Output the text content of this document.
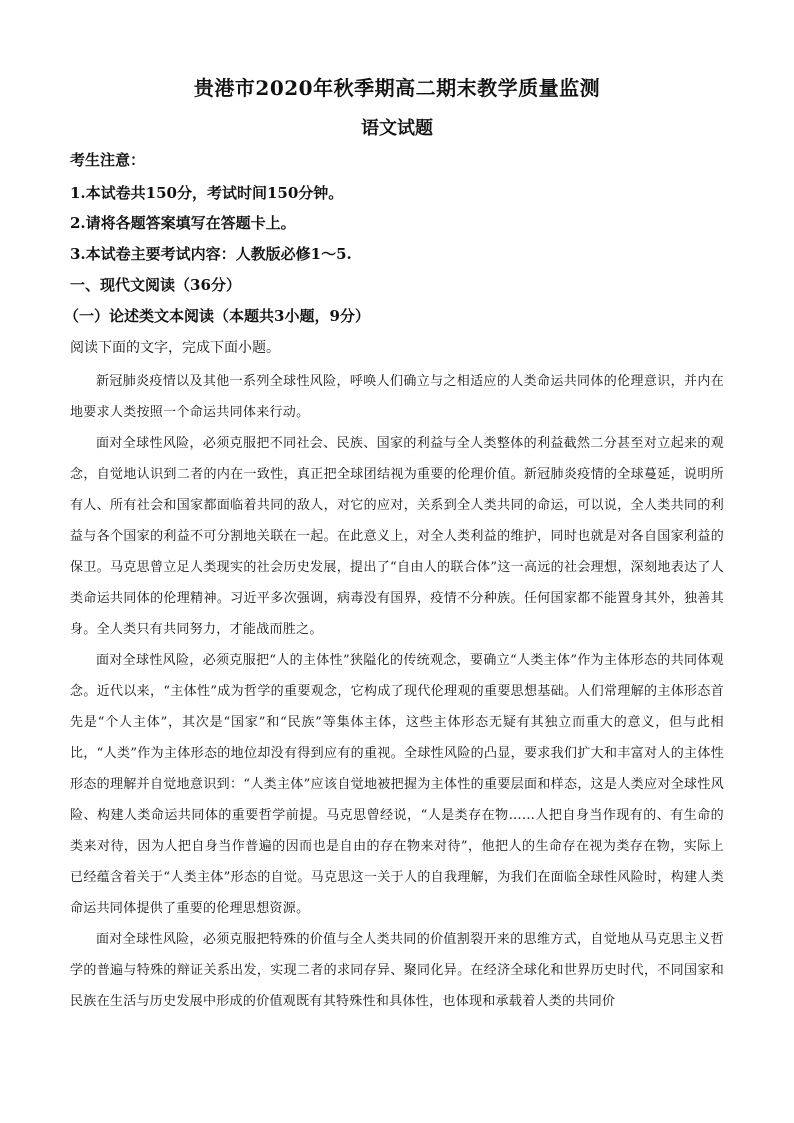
贵港市2020年秋季期高二期末教学质量监测
语文试题
考生注意：
1.本试卷共150分，考试时间150分钟。
2.请将各题答案填写在答题卡上。
3.本试卷主要考试内容：人教版必修1～5.
一、现代文阅读（36分）
（一）论述类文本阅读（本题共3小题，9分）
阅读下面的文字，完成下面小题。

新冠肺炎疫情以及其他一系列全球性风险，呼唤人们确立与之相适应的人类命运共同体的伦理意识，并内在地要求人类按照一个命运共同体来行动。

面对全球性风险，必须克服把不同社会、民族、国家的利益与全人类整体的利益截然二分甚至对立起来的观念，自觉地认识到二者的内在一致性，真正把全球团结视为重要的伦理价值。新冠肺炎疫情的全球蔓延，说明所有人、所有社会和国家都面临着共同的敌人，对它的应对，关系到全人类共同的命运，可以说，全人类共同的利益与各个国家的利益不可分割地关联在一起。在此意义上，对全人类利益的维护，同时也就是对各自国家利益的保卫。马克思曾立足人类现实的社会历史发展，提出了“自由人的联合体”这一高远的社会理想，深刻地表达了人类命运共同体的伦理精神。习近平多次强调，病毒没有国界，疫情不分种族。任何国家都不能置身其外，独善其身。全人类只有共同努力，才能战而胜之。

面对全球性风险，必须克服把“人的主体性”狭隘化的传统观念，要确立“人类主体”作为主体形态的共同体观念。近代以来，“主体性”成为哲学的重要观念，它构成了现代伦理观的重要思想基础。人们常理解的主体形态首先是“个人主体”，其次是“国家”和“民族”等集体主体，这些主体形态无疑有其独立而重大的意义，但与此相比，“人类”作为主体形态的地位却没有得到应有的重视。全球性风险的凸显，要求我们扩大和丰富对人的主体性形态的理解并自觉地意识到：“人类主体”应该自觉地被把握为主体性的重要层面和样态，这是人类应对全球性风险、构建人类命运共同体的重要哲学前提。马克思曾经说，“人是类存在物……人把自身当作现有的、有生命的类来对待，因为人把自身当作普遍的因而也是自由的存在物来对待”，他把人的生命存在视为类存在物，实际上已经蕴含着关于“人类主体”形态的自觉。马克思这一关于人的自我理解，为我们在面临全球性风险时，构建人类命运共同体提供了重要的伦理思想资源。

面对全球性风险，必须克服把特殊的价值与全人类共同的价值割裂开来的思维方式，自觉地从马克思主义哲学的普遍与特殊的辩证关系出发，实现二者的求同存异、聚同化异。在经济全球化和世界历史时代，不同国家和民族在生活与历史发展中形成的价值观既有其特殊性和具体性，也体现和承载着人类的共同价
